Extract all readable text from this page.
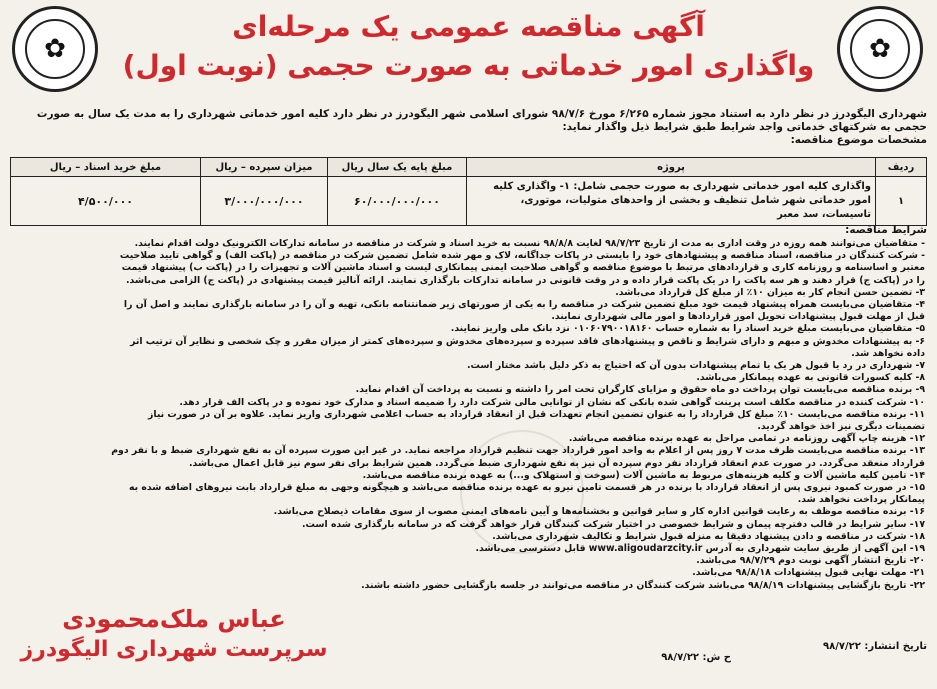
✿
✿
آگهی مناقصه عمومی یک مرحله‌ای
واگذاری امور خدماتی به صورت حجمی (نوبت اول)
شهرداری الیگودرز در نظر دارد به استناد مجوز شماره ۶/۲۶۵ مورخ ۹۸/۷/۶ شورای اسلامی شهر الیگودرز در نظر دارد کلیه امور خدماتی شهرداری را به مدت یک سال به صورت حجمی به شرکتهای خدماتی واجد شرایط طبق شرایط ذیل واگذار نماید:
مشخصات موضوع مناقصه:
ردیف	پروژه	مبلغ پایه یک سال ریال	میزان سپرده – ریال	مبلغ خرید اسناد – ریال
۱	واگذاری کلیه امور خدماتی شهرداری به صورت حجمی شامل: ۱- واگذاری کلیه امور خدماتی شهر شامل تنظیف و بخشی از واحدهای متولیات، موتوری، تاسیسات، سد معبر	۶۰/۰۰۰/۰۰۰/۰۰۰	۳/۰۰۰/۰۰۰/۰۰۰	۴/۵۰۰/۰۰۰
شرایط مناقصه:
- متقاضیان می‌توانند همه روزه در وقت اداری به مدت از تاریخ ۹۸/۷/۲۳ لغایت ۹۸/۸/۸ نسبت به خرید اسناد و شرکت در مناقصه در سامانه تدارکات الکترونیک دولت اقدام نمایند.
- شرکت کنندگان در مناقصه، اسناد مناقصه و پیشنهادهای خود را بایستی در پاکات جداگانه، لاک و مهر شده شامل تضمین شرکت در مناقصه در (پاکت الف) و گواهی تایید صلاحیت معتبر و اساسنامه و روزنامه کاری و قراردادهای مرتبط با موضوع مناقصه و گواهی صلاحیت ایمنی پیمانکاری لیست و اسناد ماشین آلات و تجهیزات را در (پاکت ب) پیشنهاد قیمت را در (پاکت ج) قرار دهند و هر سه پاکت را در یک پاکت قرار داده و در وقت قانونی در سامانه تدارکات بارگذاری نمایند. ارائه آنالیز قیمت پیشنهادی در (پاکت ج) الزامی می‌باشد.
۳- تضمین حسن انجام کار به میزان ۱۰٪ از مبلغ کل قرارداد می‌باشد.
۴- متقاضیان می‌بایست همراه پیشنهاد قیمت خود مبلغ تضمین شرکت در مناقصه را به یکی از صورتهای زیر ضمانتنامه بانکی، تهیه و آن را در سامانه بارگذاری نمایند و اصل آن را قبل از مهلت قبول پیشنهادات تحویل امور قراردادها و امور مالی شهرداری نمایند.
۵- متقاضیان می‌بایست مبلغ خرید اسناد را به شماره حساب ۰۱۰۶۰۷۹۰۰۱۸۱۶۰ نزد بانک ملی واریز نمایند.
۶- به پیشنهادات مخدوش و مبهم و دارای شرایط و ناقص و پیشنهادهای فاقد سپرده و سپرده‌های مخدوش و سپرده‌های کمتر از میزان مقرر و چک شخصی و نظایر آن ترتیب اثر داده نخواهد شد.
۷- شهرداری در رد یا قبول هر یک یا تمام پیشنهادات بدون آن که احتیاج به ذکر دلیل باشد مختار است.
۸- کلیه کسورات قانونی به عهده پیمانکار می‌باشد.
۹- برنده مناقصه می‌بایست توان پرداخت دو ماه حقوق و مزایای کارگران تحت امر را داشته و نسبت به پرداخت آن اقدام نماید.
۱۰- شرکت کننده در مناقصه مکلف است پرینت گواهی شده بانکی که نشان از توانایی مالی شرکت دارد را ضمیمه اسناد و مدارک خود نموده و در پاکت الف قرار دهد.
۱۱- برنده مناقصه می‌بایست ۱۰٪ مبلغ کل قرارداد را به عنوان تضمین انجام تعهدات قبل از انعقاد قرارداد به حساب اعلامی شهرداری واریز نماید. علاوه بر آن در صورت نیاز تضمینات دیگری نیز اخذ خواهد گردید.
۱۲- هزینه چاپ آگهی روزنامه در تمامی مراحل به عهده برنده مناقصه می‌باشد.
۱۳- برنده مناقصه می‌بایست ظرف مدت ۷ روز پس از اعلام به واحد امور قرارداد جهت تنظیم قرارداد مراجعه نماید. در غیر این صورت سپرده آن به نفع شهرداری ضبط و با نفر دوم قرارداد منعقد می‌گردد. در صورت عدم انعقاد قرارداد نفر دوم سپرده آن نیز به نفع شهرداری ضبط می‌گردد. همین شرایط برای نفر سوم نیز قابل اعمال می‌باشد.
۱۴- تامین کلیه ماشین آلات و کلیه هزینه‌های مربوط به ماشین آلات (سوخت و استهلاک و...) به عهده برنده مناقصه می‌باشد.
۱۵- در صورت کمبود نیروی پس از انعقاد قرارداد با برنده در هر قسمت تامین نیرو به عهده برنده مناقصه می‌باشد و هیچگونه وجهی به مبلغ قرارداد بابت نیروهای اضافه شده به پیمانکار پرداخت نخواهد شد.
۱۶- برنده مناقصه موظف به رعایت قوانین اداره کار و سایر قوانین و بخشنامه‌ها و آیین نامه‌های ایمنی مصوب از سوی مقامات ذیصلاح می‌باشد.
۱۷- سایر شرایط در قالب دفترچه پیمان و شرایط خصوصی در اختیار شرکت کنندگان قرار خواهد گرفت که در سامانه بارگذاری شده است.
۱۸- شرکت در مناقصه و دادن پیشنهاد دقیقا به منزله قبول شرایط و تکالیف شهرداری می‌باشد.
۱۹- این آگهی از طریق سایت شهرداری به آدرس www.aligoudarzcity.ir قابل دسترسی می‌باشد.
۲۰- تاریخ انتشار آگهی نوبت دوم ۹۸/۷/۲۹ می‌باشد.
۲۱- مهلت نهایی قبول پیشنهادات ۹۸/۸/۱۸ می‌باشد.
۲۲- تاریخ بازگشایی پیشنهادات ۹۸/۸/۱۹ می‌باشد شرکت کنندگان در مناقصه می‌توانند در جلسه بازگشایی حضور داشته باشند.
تاریخ انتشار: ۹۸/۷/۲۲
ح ش: ۹۸/۷/۲۲
عباس ملک‌محمودی
سرپرست شهرداری الیگودرز
